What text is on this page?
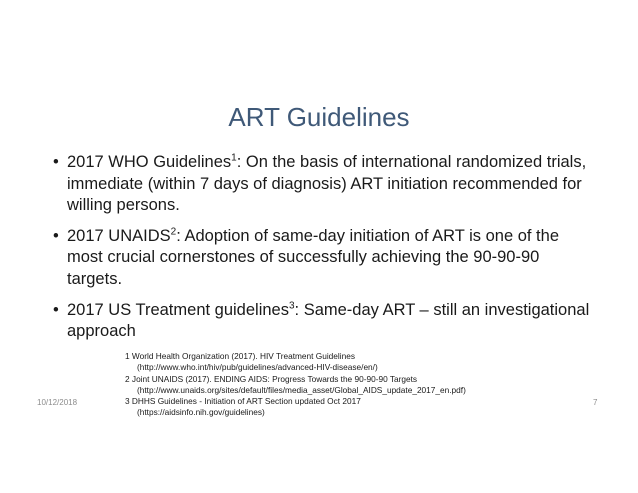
ART Guidelines
• 2017 WHO Guidelines$^1$: On the basis of international randomized trials, immediate (within 7 days of diagnosis) ART initiation recommended for willing persons.
• 2017 UNAIDS$^2$: Adoption of same-day initiation of ART is one of the most crucial cornerstones of successfully achieving the 90-90-90 targets.
• 2017 US Treatment guidelines$^3$: Same-day ART – still an investigational approach
1 World Health Organization (2017). HIV Treatment Guidelines
(http://www.who.int/hiv/pub/guidelines/advanced-HIV-disease/en/)
2 Joint UNAIDS (2017). ENDING AIDS: Progress Towards the 90-90-90 Targets
(http://www.unaids.org/sites/default/files/media_asset/Global_AIDS_update_2017_en.pdf)
3 DHHS Guidelines - Initiation of ART Section updated Oct 2017
(https://aidsinfo.nih.gov/guidelines)
10/12/2018	7
